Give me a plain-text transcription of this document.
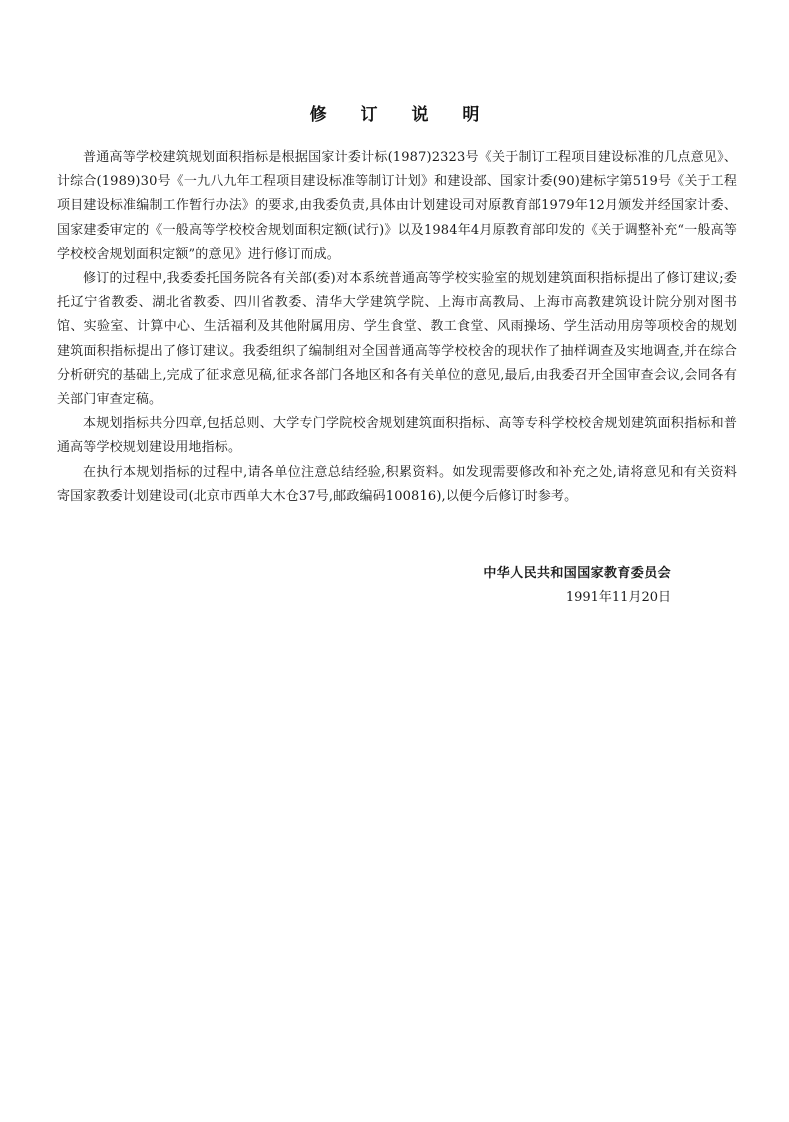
修 订 说 明

普通高等学校建筑规划面积指标是根据国家计委计标(1987)2323号《关于制订工程项目建设标准的几点意见》、计综合(1989)30号《一九八九年工程项目建设标准等制订计划》和建设部、国家计委(90)建标字第519号《关于工程项目建设标准编制工作暂行办法》的要求,由我委负责,具体由计划建设司对原教育部1979年12月颁发并经国家计委、国家建委审定的《一般高等学校校舍规划面积定额(试行)》以及1984年4月原教育部印发的《关于调整补充“一般高等学校校舍规划面积定额”的意见》进行修订而成。

修订的过程中,我委委托国务院各有关部(委)对本系统普通高等学校实验室的规划建筑面积指标提出了修订建议;委托辽宁省教委、湖北省教委、四川省教委、清华大学建筑学院、上海市高教局、上海市高教建筑设计院分别对图书馆、实验室、计算中心、生活福利及其他附属用房、学生食堂、教工食堂、风雨操场、学生活动用房等项校舍的规划建筑面积指标提出了修订建议。我委组织了编制组对全国普通高等学校校舍的现状作了抽样调查及实地调查,并在综合分析研究的基础上,完成了征求意见稿,征求各部门各地区和各有关单位的意见,最后,由我委召开全国审查会议,会同各有关部门审查定稿。

本规划指标共分四章,包括总则、大学专门学院校舍规划建筑面积指标、高等专科学校校舍规划建筑面积指标和普通高等学校规划建设用地指标。

在执行本规划指标的过程中,请各单位注意总结经验,积累资料。如发现需要修改和补充之处,请将意见和有关资料寄国家教委计划建设司(北京市西单大木仓37号,邮政编码100816),以便今后修订时参考。

中华人民共和国国家教育委员会
1991年11月20日
